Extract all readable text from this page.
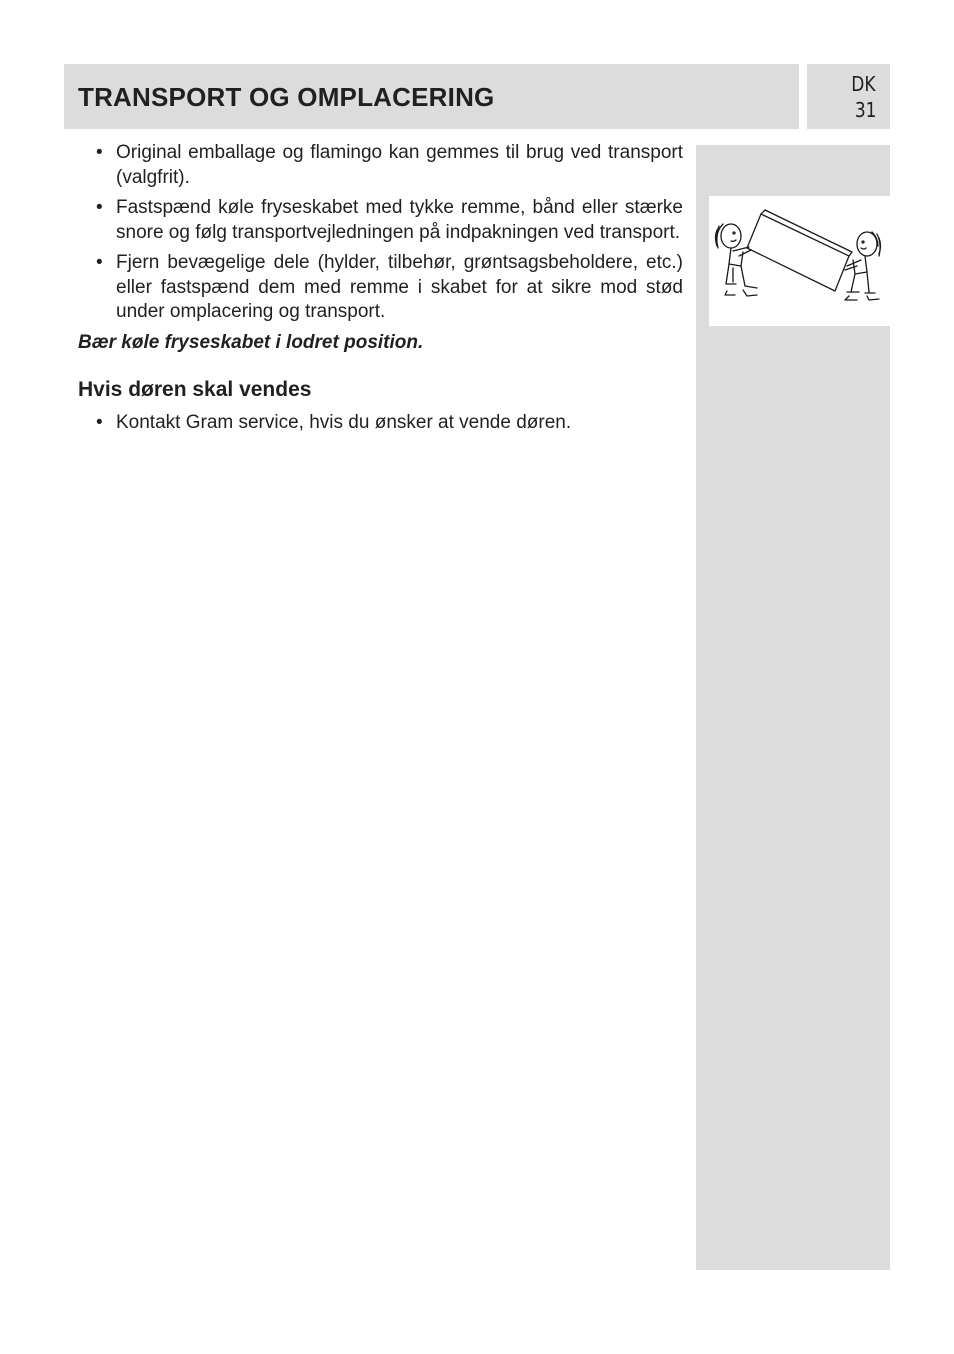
TRANSPORT OG OMPLACERING	DK
31
• Original emballage og flamingo kan gemmes til brug ved transport (valgfrit).
• Fastspænd køle fryseskabet med tykke remme, bånd eller stærke snore og følg transportvejledningen på indpakningen ved transport.
• Fjern bevægelige dele (hylder, tilbehør, grøntsagsbeholdere, etc.) eller fastspænd dem med remme i skabet for at sikre mod stød under omplacering og transport.

Bær køle fryseskabet i lodret position.

Hvis døren skal vendes
• Kontakt Gram service, hvis du ønsker at vende døren.
